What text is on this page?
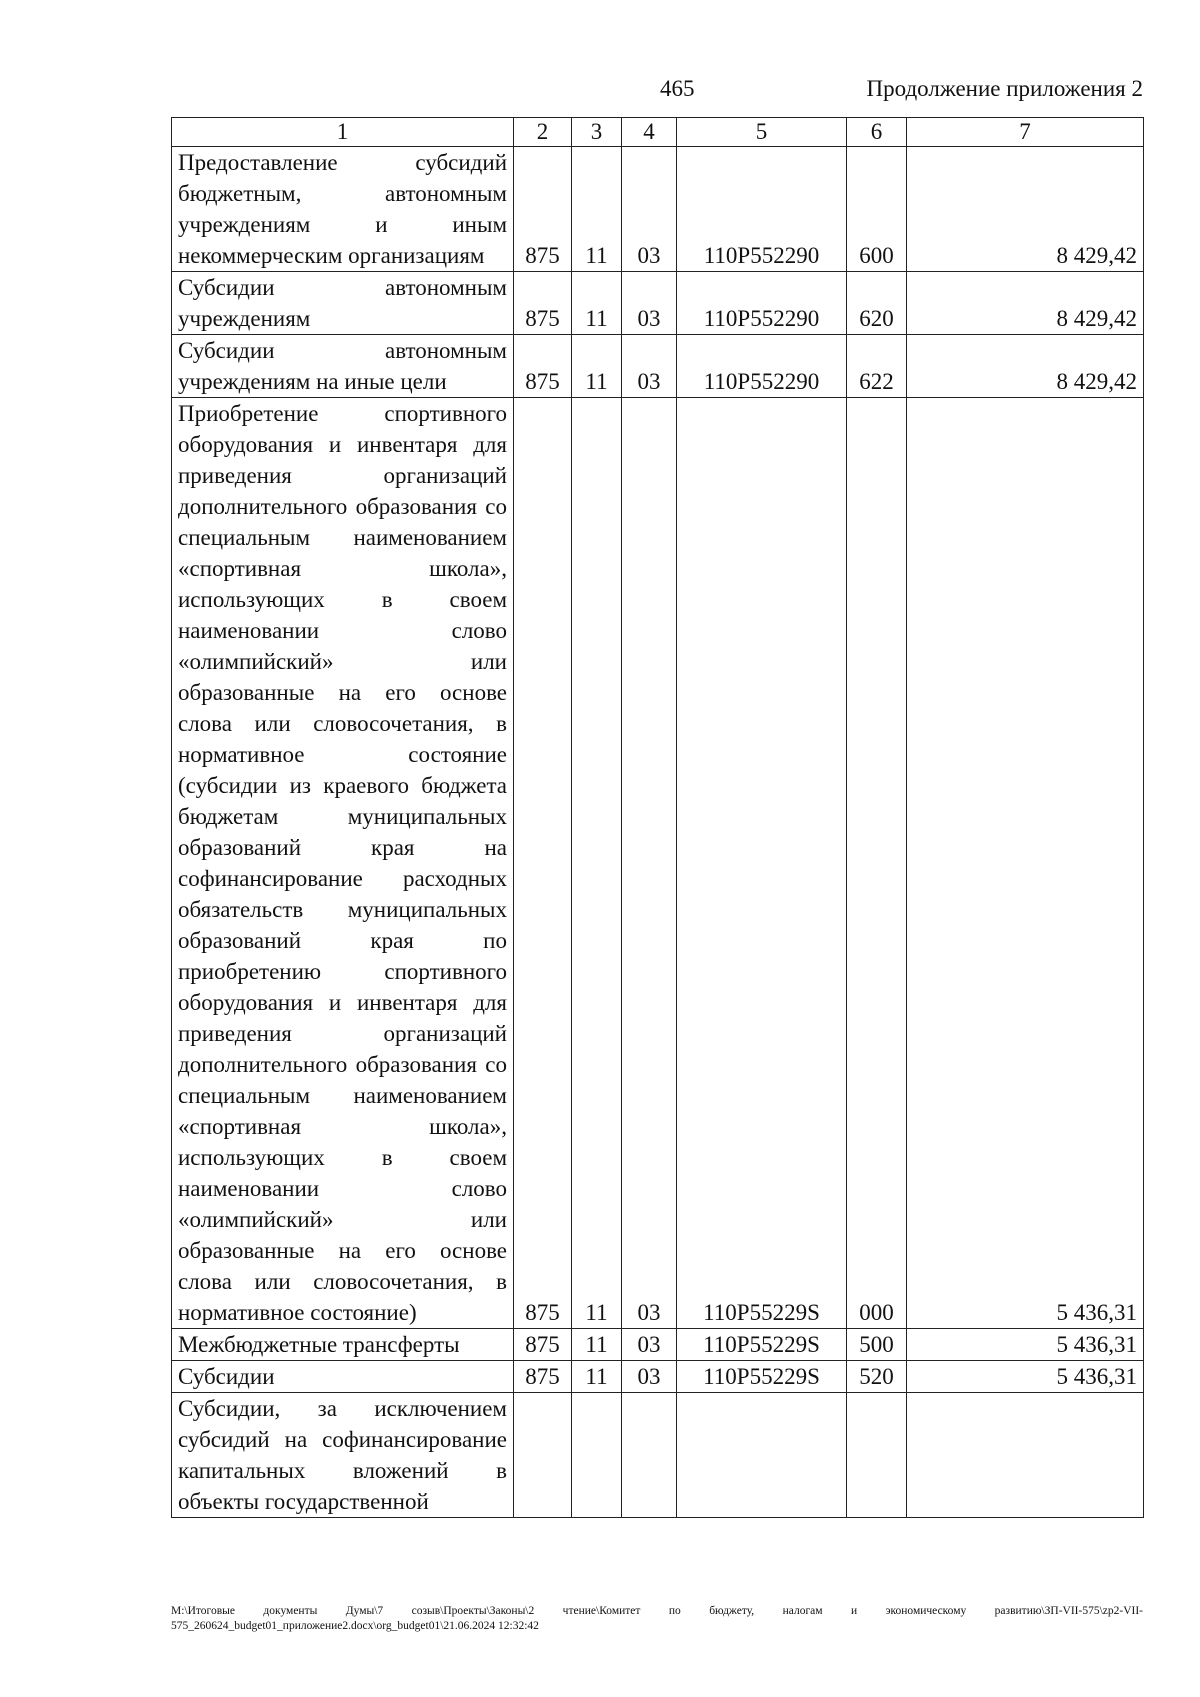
465	Продолжение приложения 2
1	2	3	4	5	6	7
Предоставление субсидий бюджетным, автономным учреждениям и иным некоммерческим организациям	875	11	03	110P552290	600	8 429,42
Субсидии автономным учреждениям	875	11	03	110P552290	620	8 429,42
Субсидии автономным учреждениям на иные цели	875	11	03	110P552290	622	8 429,42
Приобретение спортивного оборудования и инвентаря для приведения организаций дополнительного образования со специальным наименованием «спортивная школа», использующих в своем наименовании слово «олимпийский» или образованные на его основе слова или словосочетания, в нормативное состояние (субсидии из краевого бюджета бюджетам муниципальных образований края на софинансирование расходных обязательств муниципальных образований края по приобретению спортивного оборудования и инвентаря для приведения организаций дополнительного образования со специальным наименованием «спортивная школа», использующих в своем наименовании слово «олимпийский» или образованные на его основе слова или словосочетания, в нормативное состояние)	875	11	03	110P55229S	000	5 436,31
Межбюджетные трансферты	875	11	03	110P55229S	500	5 436,31
Субсидии	875	11	03	110P55229S	520	5 436,31
Субсидии, за исключением субсидий на софинансирование капитальных вложений в объекты государственной						
М:\Итоговые документы Думы\7 созыв\Проекты\Законы\2 чтение\Комитет по бюджету, налогам и экономическому развитию\ЗП-VII-575\zp2-VII-575_260624_budget01_приложение2.docx\org_budget01\21.06.2024 12:32:42
